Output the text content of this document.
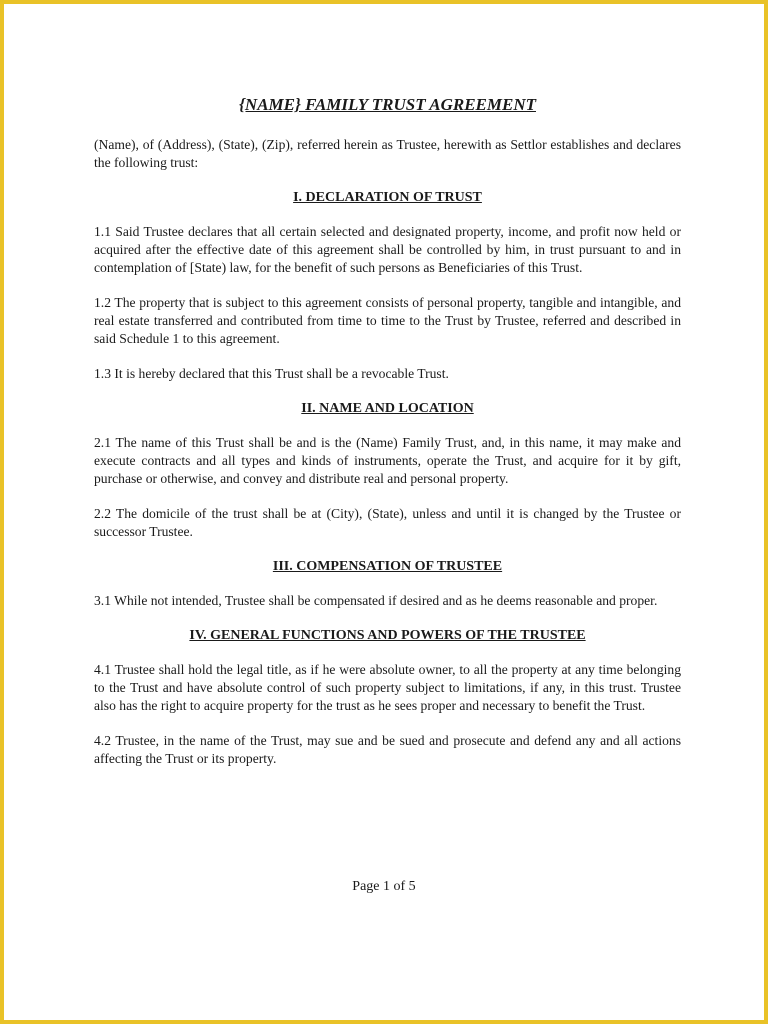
{NAME} FAMILY TRUST AGREEMENT

(Name), of (Address), (State), (Zip), referred herein as Trustee, herewith as Settlor establishes and declares the following trust:

I. DECLARATION OF TRUST

1.1 Said Trustee declares that all certain selected and designated property, income, and profit now held or acquired after the effective date of this agreement shall be controlled by him, in trust pursuant to and in contemplation of [State) law, for the benefit of such persons as Beneficiaries of this Trust.

1.2 The property that is subject to this agreement consists of personal property, tangible and intangible, and real estate transferred and contributed from time to time to the Trust by Trustee, referred and described in said Schedule 1 to this agreement.

1.3 It is hereby declared that this Trust shall be a revocable Trust.

II. NAME AND LOCATION

2.1 The name of this Trust shall be and is the (Name) Family Trust, and, in this name, it may make and execute contracts and all types and kinds of instruments, operate the Trust, and acquire for it by gift, purchase or otherwise, and convey and distribute real and personal property.

2.2 The domicile of the trust shall be at (City), (State), unless and until it is changed by the Trustee or successor Trustee.

III. COMPENSATION OF TRUSTEE

3.1 While not intended, Trustee shall be compensated if desired and as he deems reasonable and proper.

IV. GENERAL FUNCTIONS AND POWERS OF THE TRUSTEE

4.1 Trustee shall hold the legal title, as if he were absolute owner, to all the property at any time belonging to the Trust and have absolute control of such property subject to limitations, if any, in this trust. Trustee also has the right to acquire property for the trust as he sees proper and necessary to benefit the Trust.

4.2 Trustee, in the name of the Trust, may sue and be sued and prosecute and defend any and all actions affecting the Trust or its property.

Page 1 of 5
